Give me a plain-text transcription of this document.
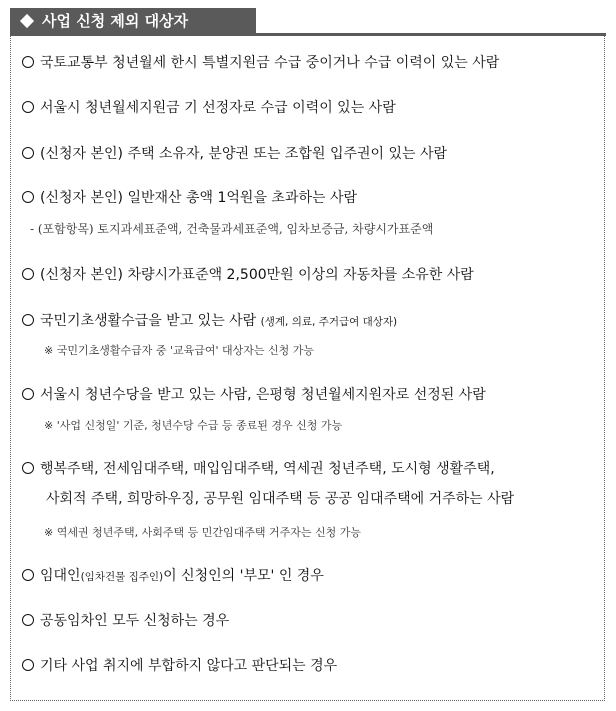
사업 신청 제외 대상자
국토교통부 청년월세 한시 특별지원금 수급 중이거나 수급 이력이 있는 사람
서울시 청년월세지원금 기 선정자로 수급 이력이 있는 사람
(신청자 본인) 주택 소유자, 분양권 또는 조합원 입주권이 있는 사람
(신청자 본인) 일반재산 총액 1억원을 초과하는 사람
- (포함항목) 토지과세표준액, 건축물과세표준액, 임차보증금, 차량시가표준액
(신청자 본인) 차량시가표준액 2,500만원 이상의 자동차를 소유한 사람
국민기초생활수급을 받고 있는 사람 (생계, 의료, 주거급여 대상자)
※ 국민기초생활수급자 중 '교육급여' 대상자는 신청 가능
서울시 청년수당을 받고 있는 사람, 은평형 청년월세지원자로 선정된 사람
※ '사업 신청일' 기준, 청년수당 수급 등 종료된 경우 신청 가능
행복주택, 전세임대주택, 매입임대주택, 역세권 청년주택, 도시형 생활주택,
사회적 주택, 희망하우징, 공무원 임대주택 등 공공 임대주택에 거주하는 사람
※ 역세권 청년주택, 사회주택 등 민간임대주택 거주자는 신청 가능
임대인(임차건물 집주인)이 신청인의 '부모' 인 경우
공동임차인 모두 신청하는 경우
기타 사업 취지에 부합하지 않다고 판단되는 경우
